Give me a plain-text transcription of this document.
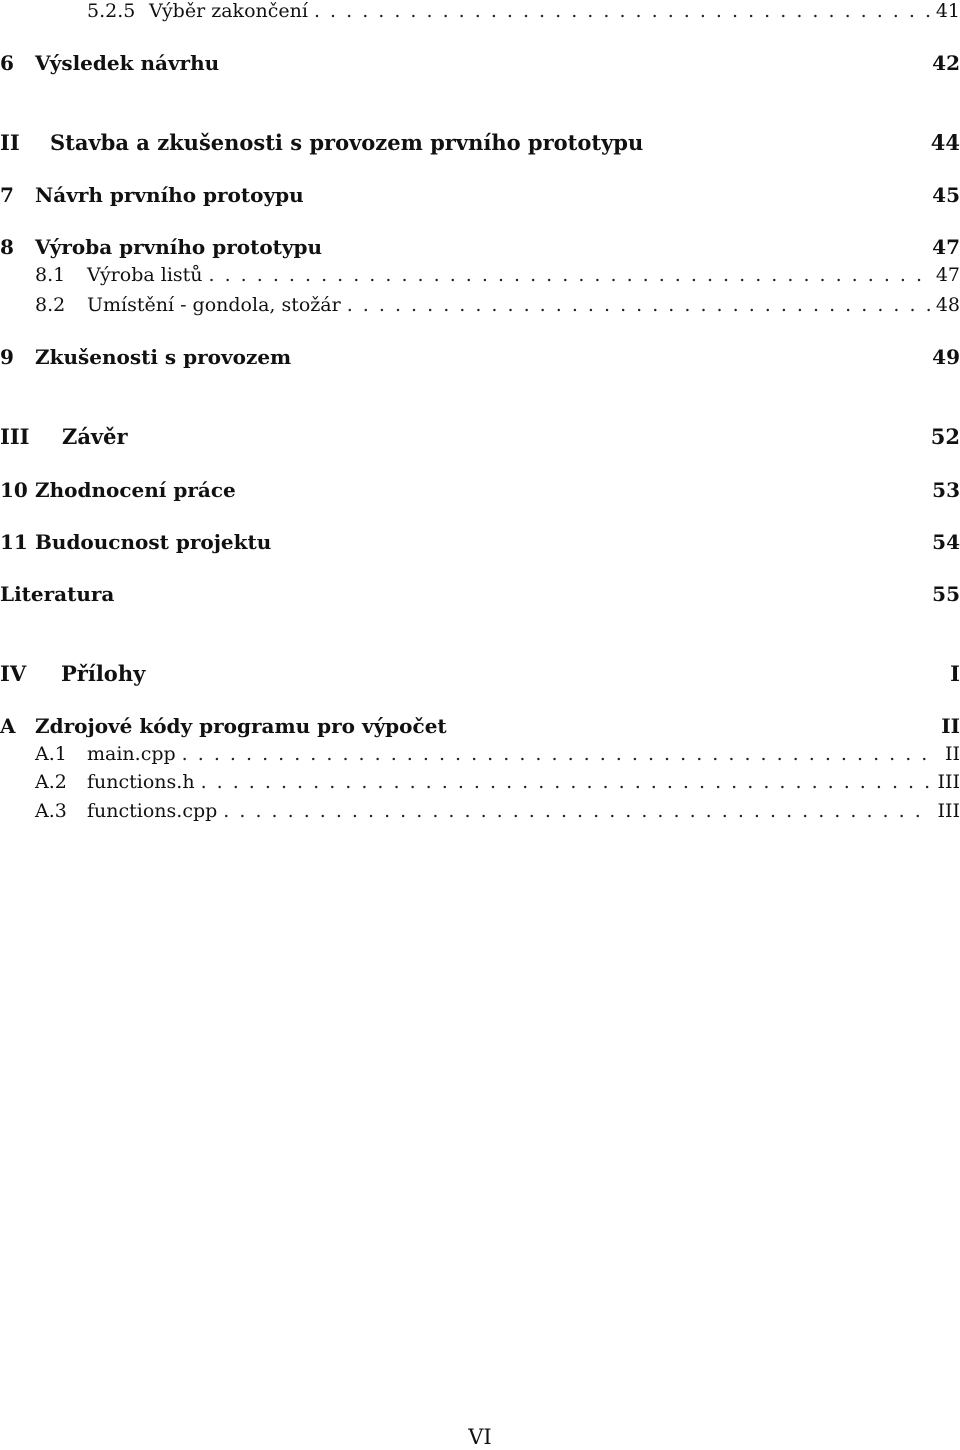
5.2.5 Výběr zakončení . . .	41
6	Výsledek návrhu	42
II	Stavba a zkušenosti s provozem prvního prototypu	44
7	Návrh prvního protoypu	45
8	Výroba prvního prototypu	47
8.1	Výroba listů . . .	47
8.2	Umístění - gondola, stožár . . .	48
9	Zkušenosti s provozem	49
III	Závěr	52
10 Zhodnocení práce	53
11 Budoucnost projektu	54
Literatura	55
IV	Přílohy	I
A Zdrojové kódy programu pro výpočet	II
A.1	main.cpp . . .	II
A.2	functions.h . . .	III
A.3	functions.cpp . . .	III
VI
